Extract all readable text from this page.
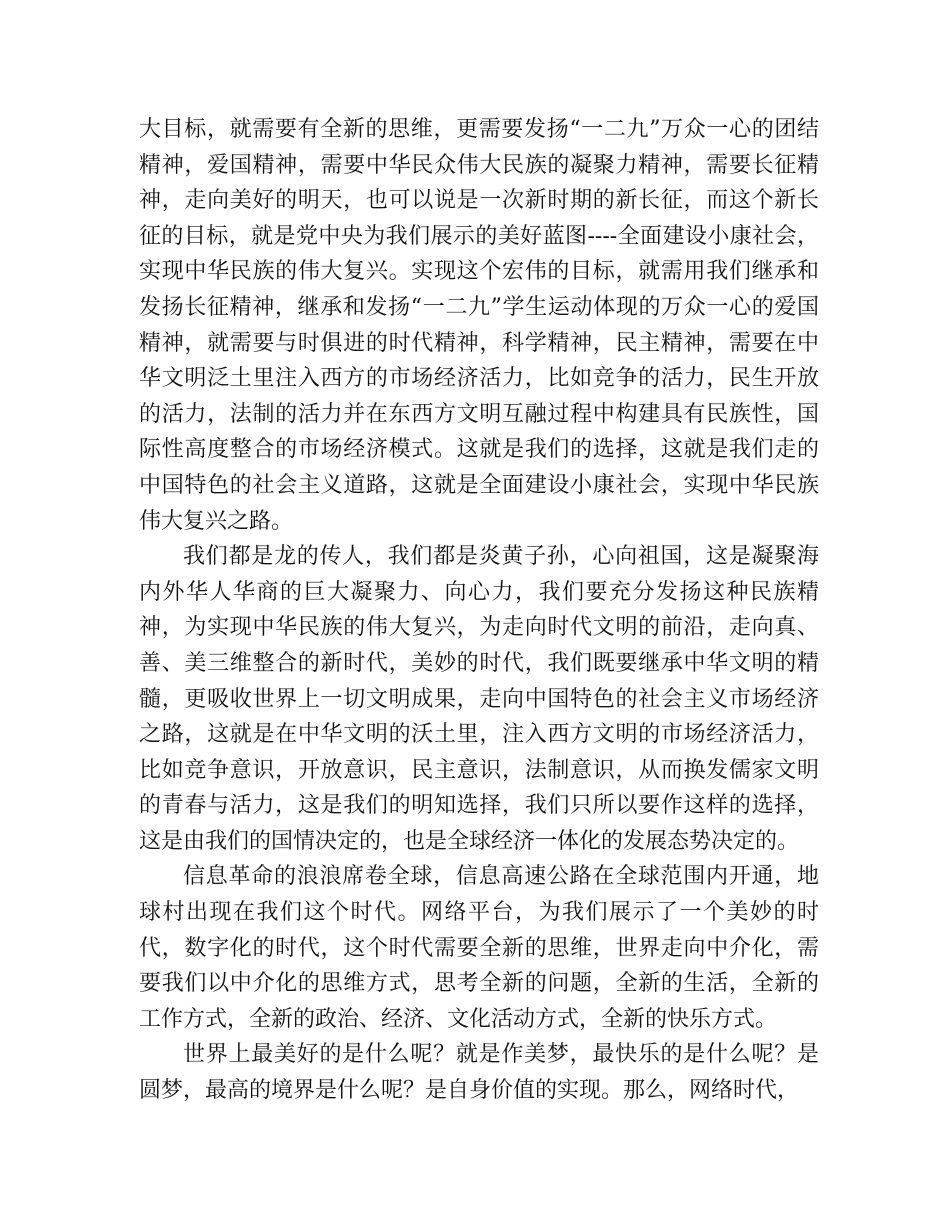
大目标，就需要有全新的思维，更需要发扬“一二九”万众一心的团结精神，爱国精神，需要中华民众伟大民族的凝聚力精神，需要长征精神，走向美好的明天，也可以说是一次新时期的新长征，而这个新长征的目标，就是党中央为我们展示的美好蓝图----全面建设小康社会，实现中华民族的伟大复兴。实现这个宏伟的目标，就需用我们继承和发扬长征精神，继承和发扬“一二九”学生运动体现的万众一心的爱国精神，就需要与时俱进的时代精神，科学精神，民主精神，需要在中华文明泛土里注入西方的市场经济活力，比如竞争的活力，民生开放的活力，法制的活力并在东西方文明互融过程中构建具有民族性，国际性高度整合的市场经济模式。这就是我们的选择，这就是我们走的中国特色的社会主义道路，这就是全面建设小康社会，实现中华民族伟大复兴之路。

我们都是龙的传人，我们都是炎黄子孙，心向祖国，这是凝聚海内外华人华商的巨大凝聚力、向心力，我们要充分发扬这种民族精神，为实现中华民族的伟大复兴，为走向时代文明的前沿，走向真、善、美三维整合的新时代，美妙的时代，我们既要继承中华文明的精髓，更吸收世界上一切文明成果，走向中国特色的社会主义市场经济之路，这就是在中华文明的沃土里，注入西方文明的市场经济活力，比如竞争意识，开放意识，民主意识，法制意识，从而换发儒家文明的青春与活力，这是我们的明知选择，我们只所以要作这样的选择，这是由我们的国情决定的，也是全球经济一体化的发展态势决定的。

信息革命的浪浪席卷全球，信息高速公路在全球范围内开通，地球村出现在我们这个时代。网络平台，为我们展示了一个美妙的时代，数字化的时代，这个时代需要全新的思维，世界走向中介化，需要我们以中介化的思维方式，思考全新的问题，全新的生活，全新的工作方式，全新的政治、经济、文化活动方式，全新的快乐方式。

世界上最美好的是什么呢？就是作美梦，最快乐的是什么呢？是圆梦，最高的境界是什么呢？是自身价值的实现。那么，网络时代，
